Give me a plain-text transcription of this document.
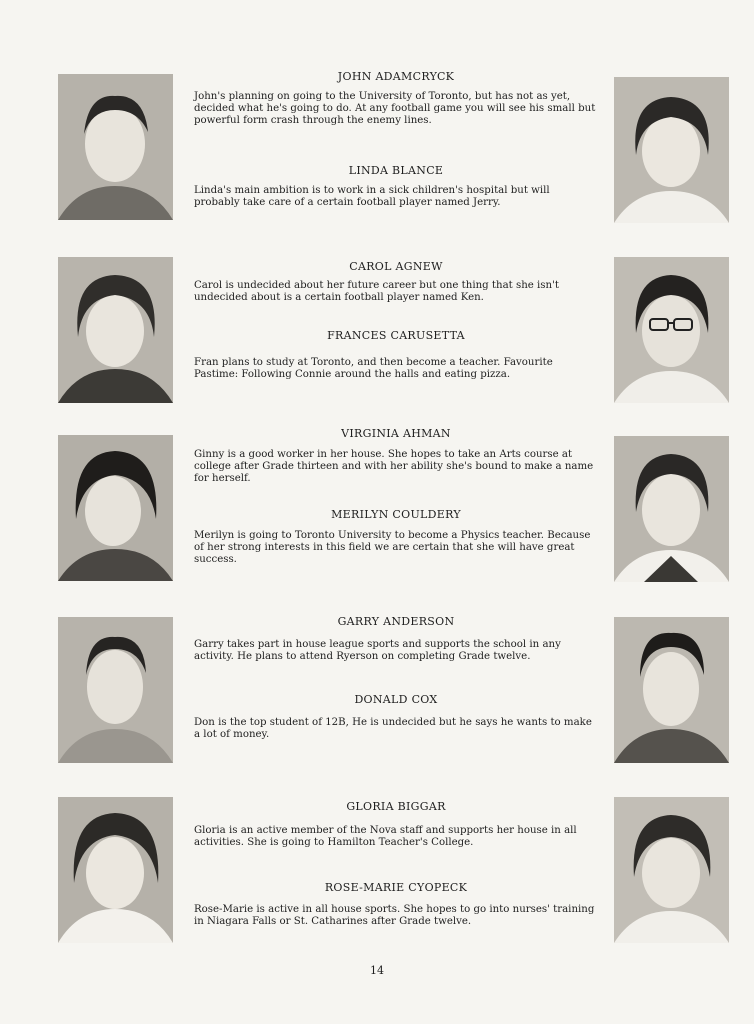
JOHN ADAMCRYCK
John's planning on going to the University of Toronto, but has not as yet, decided what he's going to do. At any football game you will see his small but powerful form crash through the enemy lines.
LINDA BLANCE
Linda's main ambition is to work in a sick children's hospital but will probably take care of a certain football player named Jerry.
CAROL AGNEW
Carol is undecided about her future career but one thing that she isn't undecided about is a certain football player named Ken.
FRANCES CARUSETTA
Fran plans to study at Toronto, and then become a teacher. Favourite Pastime: Following Connie around the halls and eating pizza.
VIRGINIA AHMAN
Ginny is a good worker in her house. She hopes to take an Arts course at college after Grade thirteen and with her ability she's bound to make a name for herself.
MERILYN COULDERY
Merilyn is going to Toronto University to become a Physics teacher. Because of her strong interests in this field we are certain that she will have great success.
GARRY ANDERSON
Garry takes part in house league sports and supports the school in any activity. He plans to attend Ryerson on completing Grade twelve.
DONALD COX
Don is the top student of 12B, He is undecided but he says he wants to make a lot of money.
GLORIA BIGGAR
Gloria is an active member of the Nova staff and supports her house in all activities. She is going to Hamilton Teacher's College.
ROSE-MARIE CYOPECK
Rose-Marie is active in all house sports. She hopes to go into nurses' training in Niagara Falls or St. Catharines after Grade twelve.
14
